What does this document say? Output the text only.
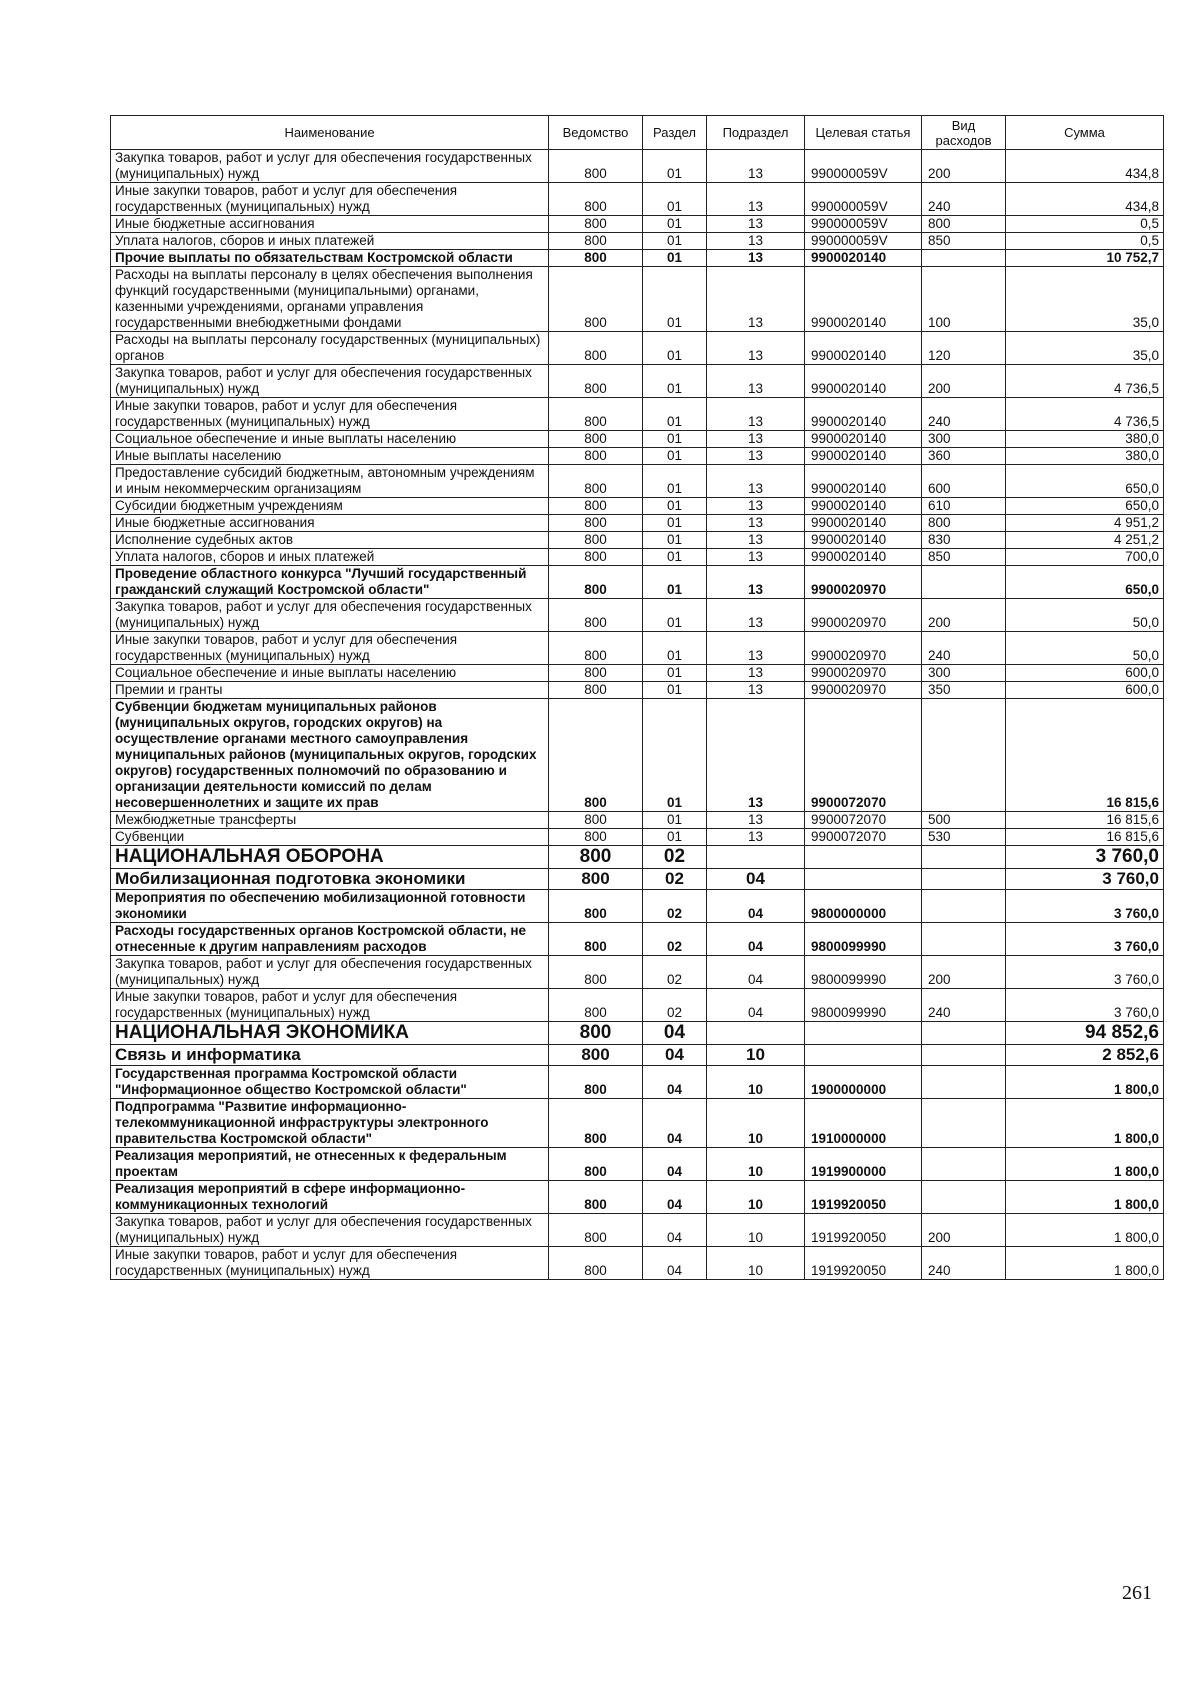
Наименование	Ведомство	Раздел	Подраздел	Целевая статья	Вид расходов	Сумма
Закупка товаров, работ и услуг для обеспечения государственных (муниципальных) нужд	800	01	13	990000059V	200	434,8
Иные закупки товаров, работ и услуг для обеспечения государственных (муниципальных) нужд	800	01	13	990000059V	240	434,8
Иные бюджетные ассигнования	800	01	13	990000059V	800	0,5
Уплата налогов, сборов и иных платежей	800	01	13	990000059V	850	0,5
Прочие выплаты по обязательствам Костромской области	800	01	13	9900020140		10 752,7
Расходы на выплаты персоналу в целях обеспечения выполнения функций государственными (муниципальными) органами, казенными учреждениями, органами управления государственными внебюджетными фондами	800	01	13	9900020140	100	35,0
Расходы на выплаты персоналу государственных (муниципальных) органов	800	01	13	9900020140	120	35,0
Закупка товаров, работ и услуг для обеспечения государственных (муниципальных) нужд	800	01	13	9900020140	200	4 736,5
Иные закупки товаров, работ и услуг для обеспечения государственных (муниципальных) нужд	800	01	13	9900020140	240	4 736,5
Социальное обеспечение и иные выплаты населению	800	01	13	9900020140	300	380,0
Иные выплаты населению	800	01	13	9900020140	360	380,0
Предоставление субсидий бюджетным, автономным учреждениям и иным некоммерческим организациям	800	01	13	9900020140	600	650,0
Субсидии бюджетным учреждениям	800	01	13	9900020140	610	650,0
Иные бюджетные ассигнования	800	01	13	9900020140	800	4 951,2
Исполнение судебных актов	800	01	13	9900020140	830	4 251,2
Уплата налогов, сборов и иных платежей	800	01	13	9900020140	850	700,0
Проведение областного конкурса "Лучший государственный гражданский служащий Костромской области"	800	01	13	9900020970		650,0
Закупка товаров, работ и услуг для обеспечения государственных (муниципальных) нужд	800	01	13	9900020970	200	50,0
Иные закупки товаров, работ и услуг для обеспечения государственных (муниципальных) нужд	800	01	13	9900020970	240	50,0
Социальное обеспечение и иные выплаты населению	800	01	13	9900020970	300	600,0
Премии и гранты	800	01	13	9900020970	350	600,0
Субвенции бюджетам муниципальных районов (муниципальных округов, городских округов) на осуществление органами местного самоуправления муниципальных районов (муниципальных округов, городских округов) государственных полномочий по образованию и организации деятельности комиссий по делам несовершеннолетних и защите их прав	800	01	13	9900072070		16 815,6
Межбюджетные трансферты	800	01	13	9900072070	500	16 815,6
Субвенции	800	01	13	9900072070	530	16 815,6
НАЦИОНАЛЬНАЯ ОБОРОНА	800	02				3 760,0
Мобилизационная подготовка экономики	800	02	04			3 760,0
Мероприятия по обеспечению мобилизационной готовности экономики	800	02	04	9800000000		3 760,0
Расходы государственных органов Костромской области, не отнесенные к другим направлениям расходов	800	02	04	9800099990		3 760,0
Закупка товаров, работ и услуг для обеспечения государственных (муниципальных) нужд	800	02	04	9800099990	200	3 760,0
Иные закупки товаров, работ и услуг для обеспечения государственных (муниципальных) нужд	800	02	04	9800099990	240	3 760,0
НАЦИОНАЛЬНАЯ ЭКОНОМИКА	800	04				94 852,6
Связь и информатика	800	04	10			2 852,6
Государственная программа Костромской области "Информационное общество Костромской области"	800	04	10	1900000000		1 800,0
Подпрограмма "Развитие информационно-телекоммуникационной инфраструктуры электронного правительства Костромской области"	800	04	10	1910000000		1 800,0
Реализация мероприятий, не отнесенных к федеральным проектам	800	04	10	1919900000		1 800,0
Реализация мероприятий в сфере информационно-коммуникационных технологий	800	04	10	1919920050		1 800,0
Закупка товаров, работ и услуг для обеспечения государственных (муниципальных) нужд	800	04	10	1919920050	200	1 800,0
Иные закупки товаров, работ и услуг для обеспечения государственных (муниципальных) нужд	800	04	10	1919920050	240	1 800,0
261
